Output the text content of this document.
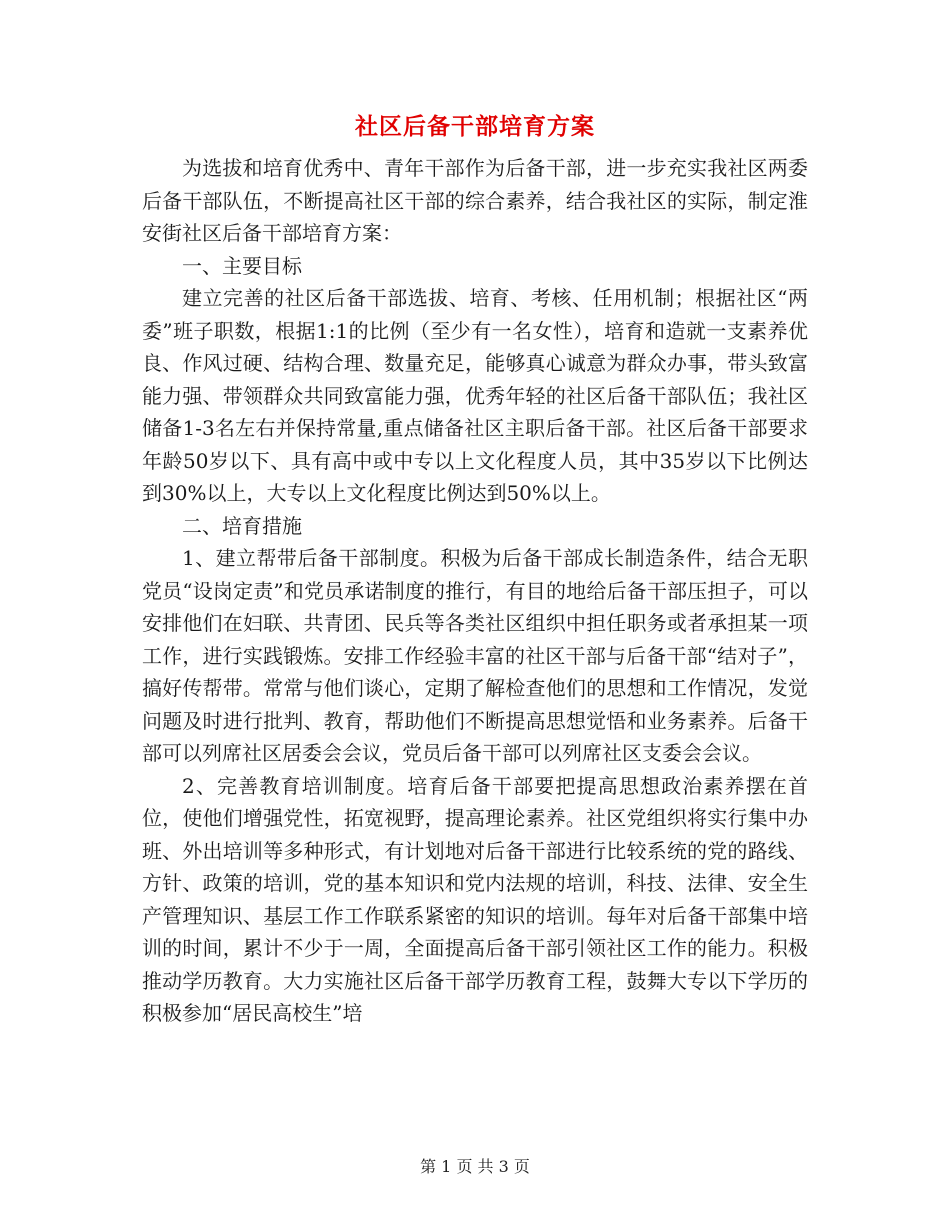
社区后备干部培育方案

为选拔和培育优秀中、青年干部作为后备干部，进一步充实我社区两委后备干部队伍，不断提高社区干部的综合素养，结合我社区的实际，制定淮安街社区后备干部培育方案：

一、主要目标

建立完善的社区后备干部选拔、培育、考核、任用机制；根据社区“两委”班子职数，根据1:1的比例（至少有一名女性），培育和造就一支素养优良、作风过硬、结构合理、数量充足，能够真心诚意为群众办事，带头致富能力强、带领群众共同致富能力强，优秀年轻的社区后备干部队伍；我社区储备1-3名左右并保持常量,重点储备社区主职后备干部。社区后备干部要求年龄50岁以下、具有高中或中专以上文化程度人员，其中35岁以下比例达到30%以上，大专以上文化程度比例达到50%以上。

二、培育措施

1、建立帮带后备干部制度。积极为后备干部成长制造条件，结合无职党员“设岗定责”和党员承诺制度的推行，有目的地给后备干部压担子，可以安排他们在妇联、共青团、民兵等各类社区组织中担任职务或者承担某一项工作，进行实践锻炼。安排工作经验丰富的社区干部与后备干部“结对子”，搞好传帮带。常常与他们谈心，定期了解检查他们的思想和工作情况，发觉问题及时进行批判、教育，帮助他们不断提高思想觉悟和业务素养。后备干部可以列席社区居委会会议，党员后备干部可以列席社区支委会会议。

2、完善教育培训制度。培育后备干部要把提高思想政治素养摆在首位，使他们增强党性，拓宽视野，提高理论素养。社区党组织将实行集中办班、外出培训等多种形式，有计划地对后备干部进行比较系统的党的路线、方针、政策的培训，党的基本知识和党内法规的培训，科技、法律、安全生产管理知识、基层工作工作联系紧密的知识的培训。每年对后备干部集中培训的时间，累计不少于一周，全面提高后备干部引领社区工作的能力。积极推动学历教育。大力实施社区后备干部学历教育工程，鼓舞大专以下学历的积极参加“居民高校生”培

第 1 页 共 3 页
